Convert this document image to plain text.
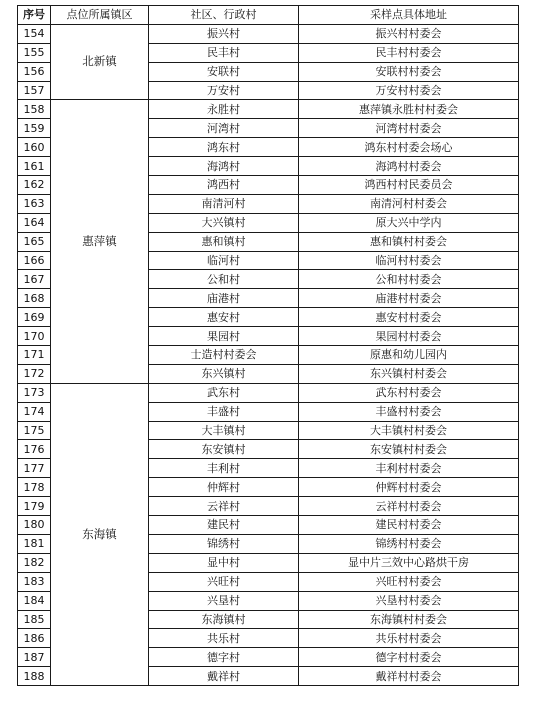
序号	点位所属镇区	社区、行政村	采样点具体地址
154	北新镇	振兴村	振兴村村委会
155		民丰村	民丰村村委会
156		安联村	安联村村委会
157		万安村	万安村村委会
158	惠萍镇	永胜村	惠萍镇永胜村村委会
159		河湾村	河湾村村委会
160		鸿东村	鸿东村村委会场心
161		海鸿村	海鸿村村委会
162		鸿西村	鸿西村村民委员会
163		南清河村	南清河村村委会
164		大兴镇村	原大兴中学内
165		惠和镇村	惠和镇村村委会
166		临河村	临河村村委会
167		公和村	公和村村委会
168		庙港村	庙港村村委会
169		惠安村	惠安村村委会
170		果园村	果园村村委会
171		士造村村委会	原惠和幼儿园内
172		东兴镇村	东兴镇村村委会
173	东海镇	武东村	武东村村委会
174		丰盛村	丰盛村村委会
175		大丰镇村	大丰镇村村委会
176		东安镇村	东安镇村村委会
177		丰利村	丰利村村委会
178		仲辉村	仲辉村村委会
179		云祥村	云祥村村委会
180		建民村	建民村村委会
181		锦绣村	锦绣村村委会
182		显中村	显中片三效中心路烘干房
183		兴旺村	兴旺村村委会
184		兴垦村	兴垦村村委会
185		东海镇村	东海镇村村委会
186		共乐村	共乐村村委会
187		德字村	德字村村委会
188		戴祥村	戴祥村村委会
